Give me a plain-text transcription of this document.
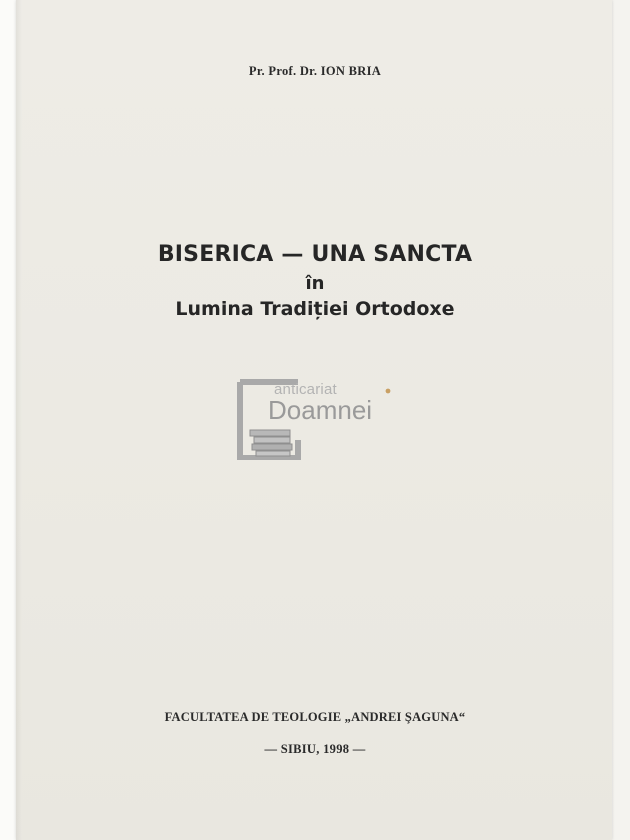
Pr. Prof. Dr. ION BRIA
BISERICA — UNA SANCTA
în
Lumina Tradiției Ortodoxe
anticariat
Doamnei
FACULTATEA DE TEOLOGIE „ANDREI ŞAGUNA“
— SIBIU, 1998 —
